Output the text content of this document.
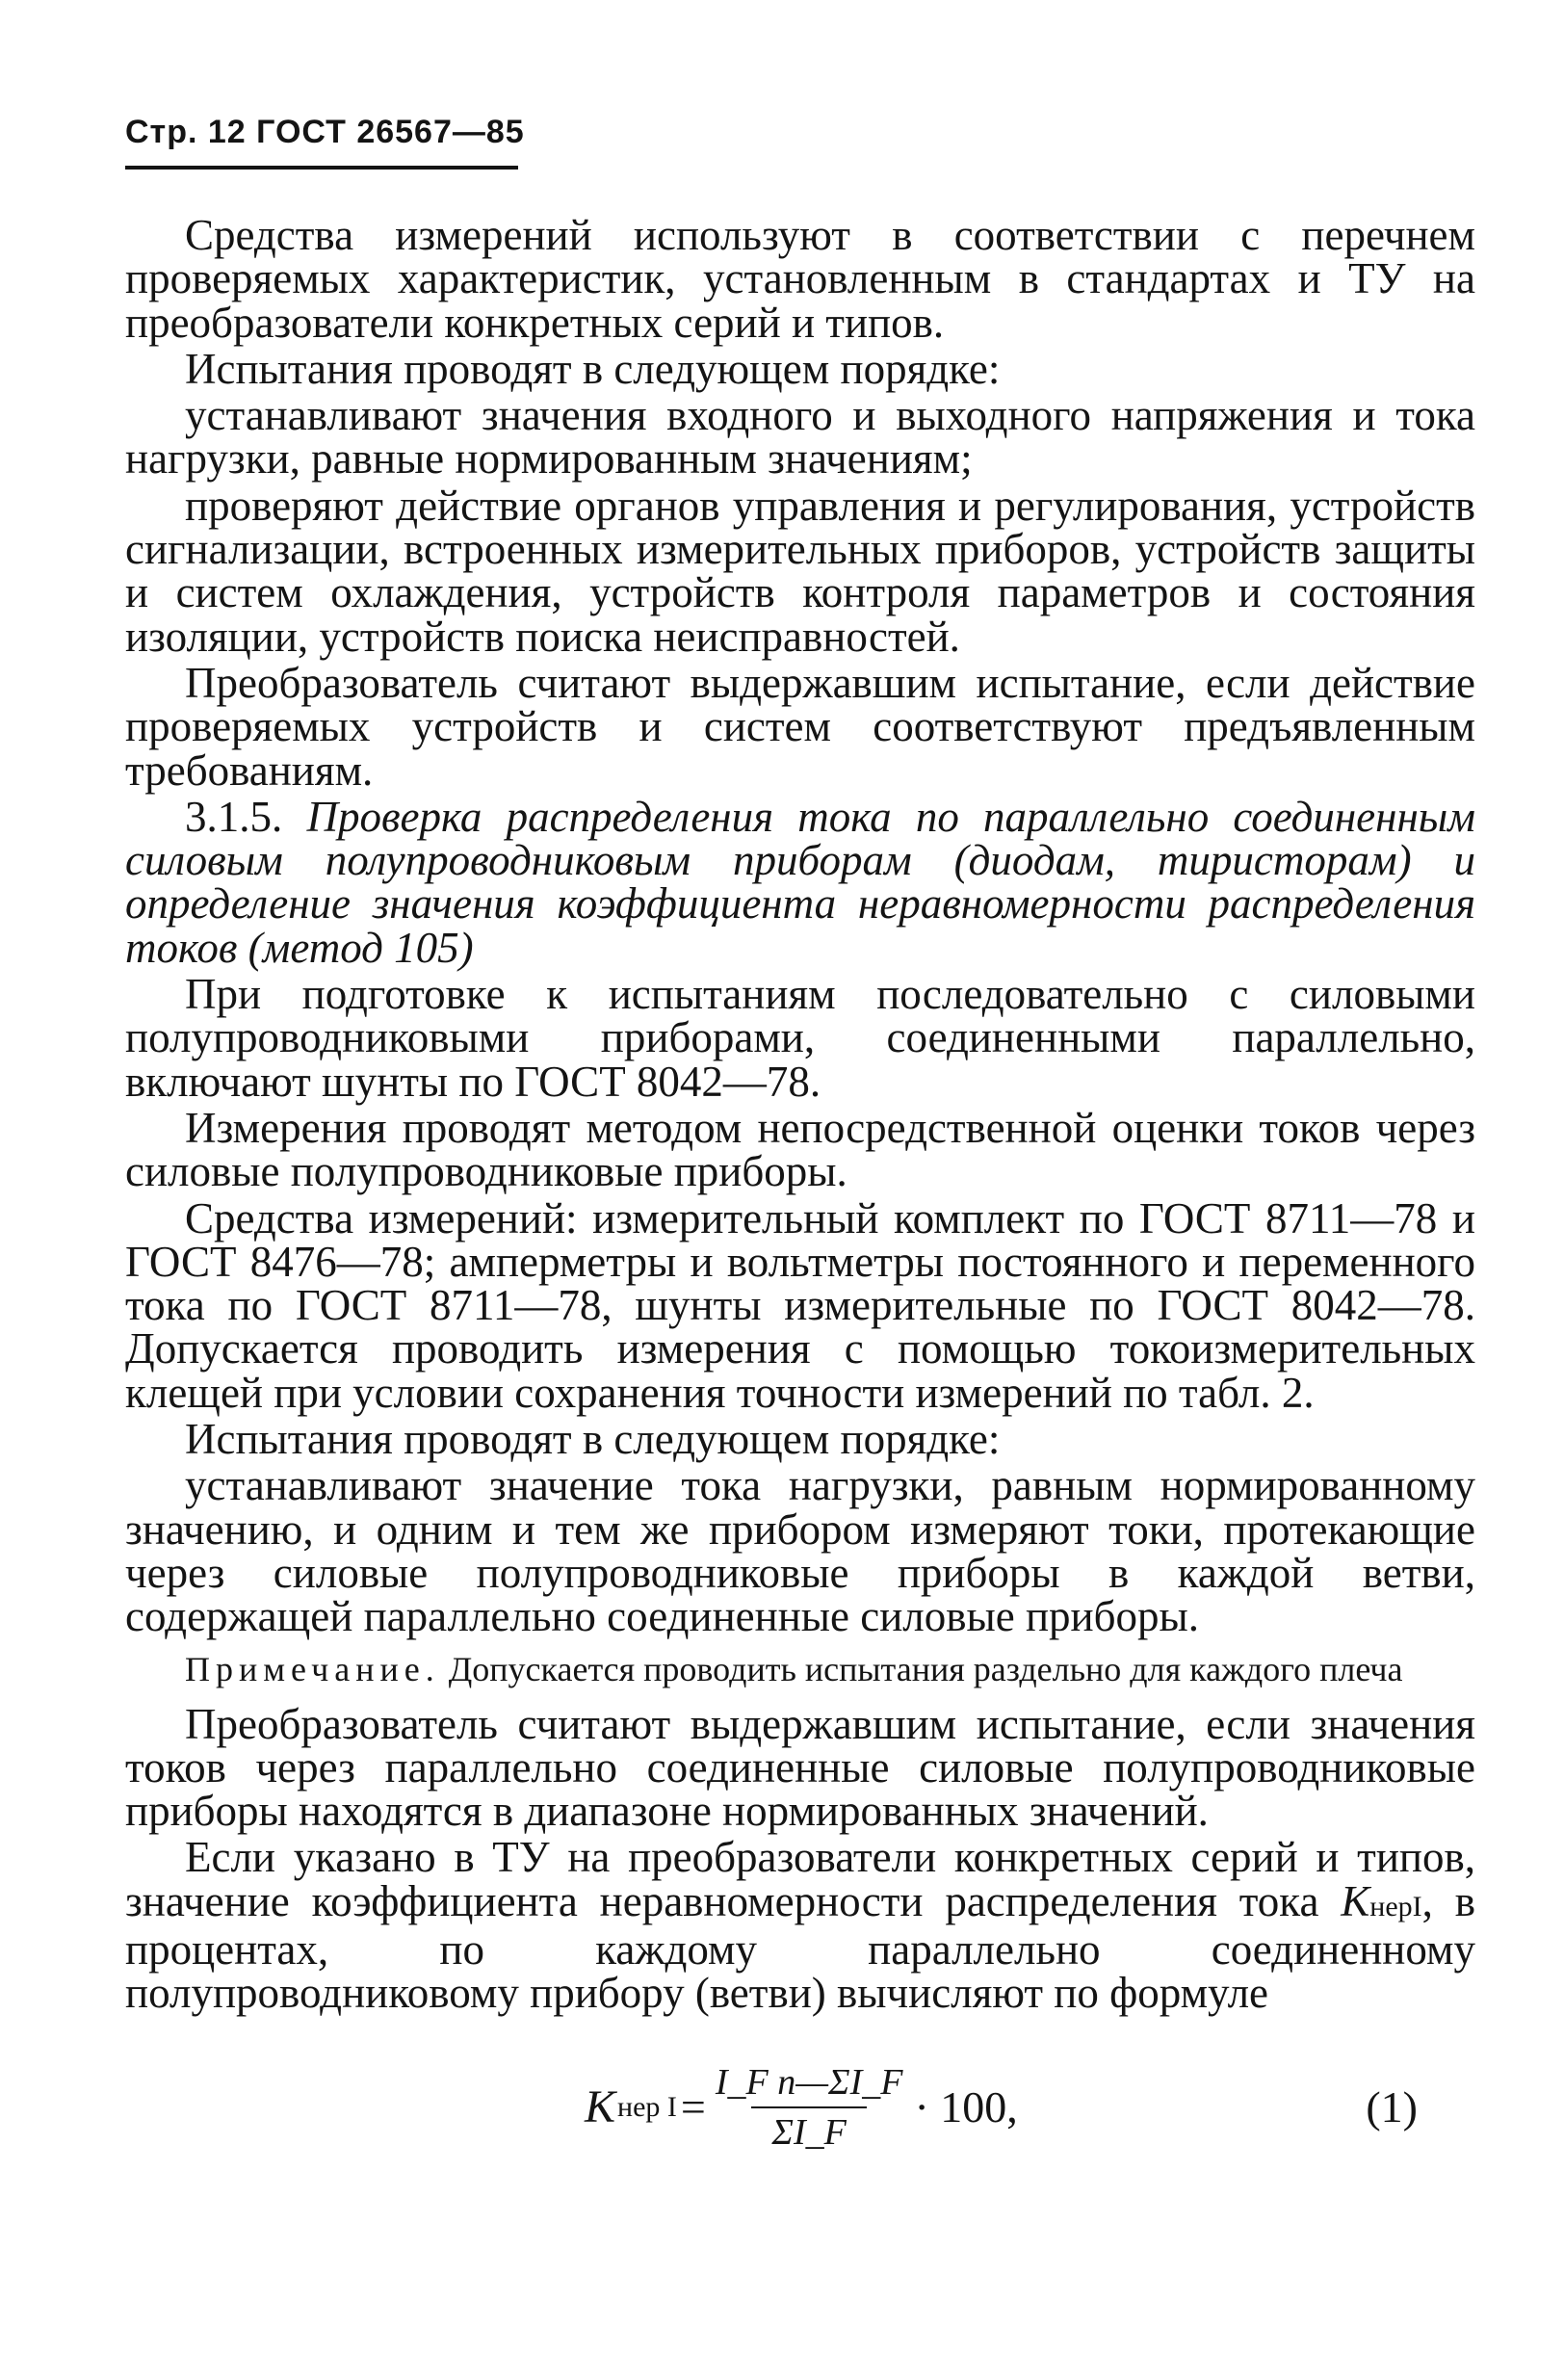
Стр. 12 ГОСТ 26567—85

Средства измерений используют в соответствии с перечнем проверяемых характеристик, установленным в стандартах и ТУ на преобразователи конкретных серий и типов.

Испытания проводят в следующем порядке:

устанавливают значения входного и выходного напряжения и тока нагрузки, равные нормированным значениям;

проверяют действие органов управления и регулирования, устройств сигнализации, встроенных измерительных приборов, устройств защиты и систем охлаждения, устройств контроля параметров и состояния изоляции, устройств поиска неисправностей.

Преобразователь считают выдержавшим испытание, если действие проверяемых устройств и систем соответствуют предъявленным требованиям.

3.1.5. Проверка распределения тока по параллельно соединенным силовым полупроводниковым приборам (диодам, тиристорам) и определение значения коэффициента неравномерности распределения токов (метод 105)

При подготовке к испытаниям последовательно с силовыми полупроводниковыми приборами, соединенными параллельно, включают шунты по ГОСТ 8042—78.

Измерения проводят методом непосредственной оценки токов через силовые полупроводниковые приборы.

Средства измерений: измерительный комплект по ГОСТ 8711—78 и ГОСТ 8476—78; амперметры и вольтметры постоянного и переменного тока по ГОСТ 8711—78, шунты измерительные по ГОСТ 8042—78. Допускается проводить измерения с помощью токоизмерительных клещей при условии сохранения точности измерений по табл. 2.

Испытания проводят в следующем порядке:

устанавливают значение тока нагрузки, равным нормированному значению, и одним и тем же прибором измеряют токи, протекающие через силовые полупроводниковые приборы в каждой ветви, содержащей параллельно соединенные силовые приборы.

Примечание. Допускается проводить испытания раздельно для каждого плеча

Преобразователь считают выдержавшим испытание, если значения токов через параллельно соединенные силовые полупроводниковые приборы находятся в диапазоне нормированных значений.

Если указано в ТУ на преобразователи конкретных серий и типов, значение коэффициента неравномерности распределения тока KнерI, в процентах, по каждому параллельно соединенному полупроводниковому прибору (ветви) вычисляют по формуле

K нер $I = \frac{\text{I\_F n—ΣI\_F}}{\Sigma I\_F} \cdot 100$,	(1)
